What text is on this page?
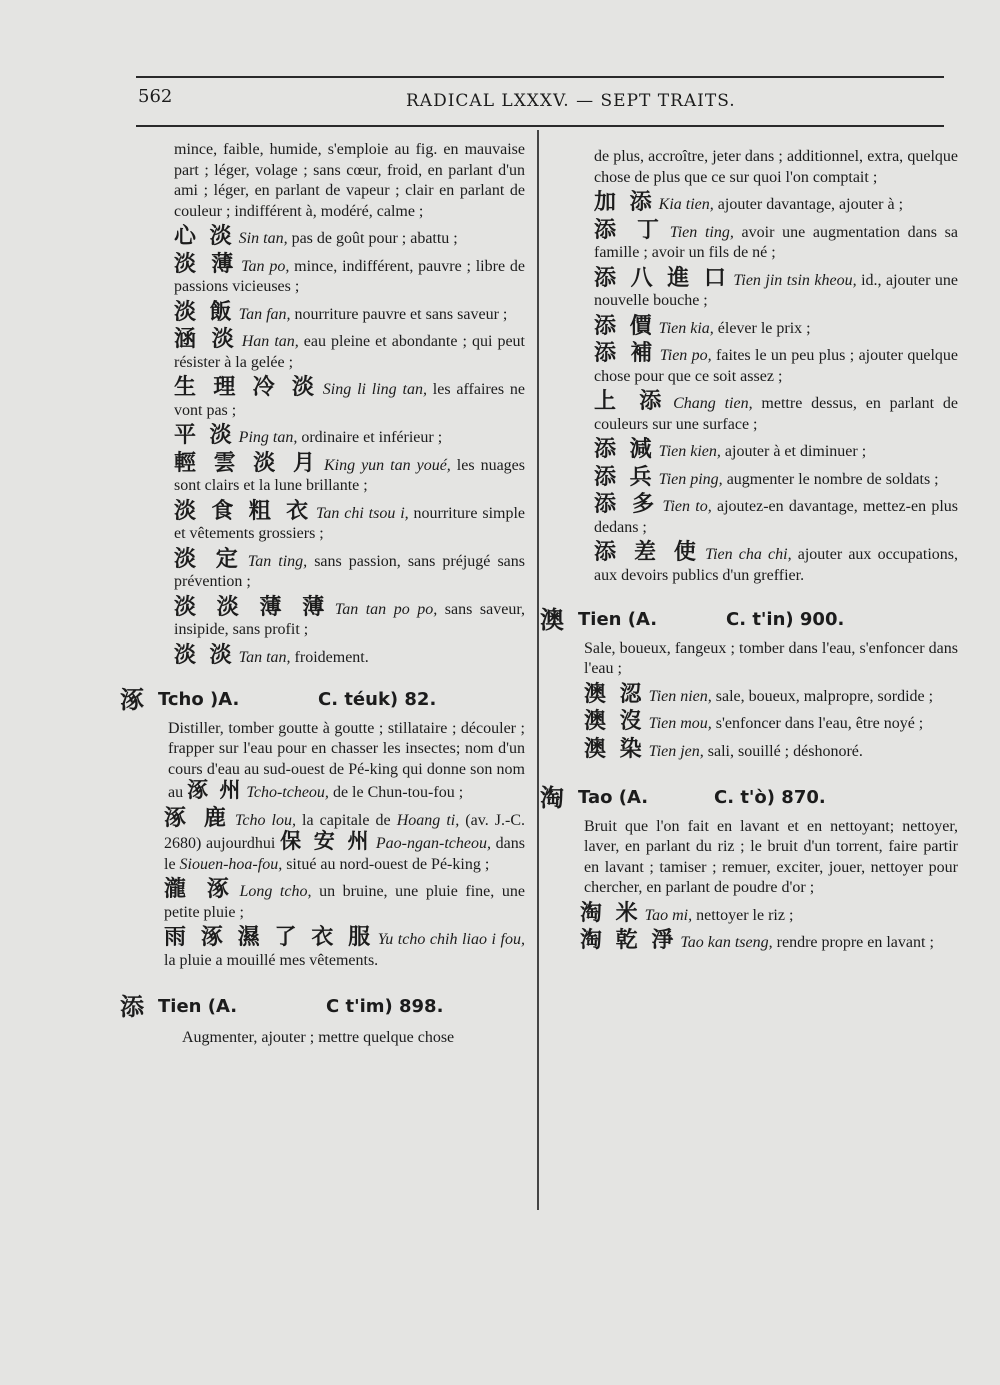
562	RADICAL LXXXV. — SEPT TRAITS.

mince, faible, humide, s'emploie au fig. en mauvaise part ; léger, volage ; sans cœur, froid, en parlant d'un ami ; léger, en parlant de vapeur ; clair en parlant de couleur ; indifférent à, modéré, calme ;

心 淡 Sin tan, pas de goût pour ; abattu ;

淡 薄 Tan po, mince, indifférent, pauvre ; libre de passions vicieuses ;

淡 飯 Tan fan, nourriture pauvre et sans saveur ;

涵 淡 Han tan, eau pleine et abondante ; qui peut résister à la gelée ;

生 理 冷 淡 Sing li ling tan, les affaires ne vont pas ;

平 淡 Ping tan, ordinaire et inférieur ;

輕 雲 淡 月 King yun tan youé, les nuages sont clairs et la lune brillante ;

淡 食 粗 衣 Tan chi tsou i, nourriture simple et vêtements grossiers ;

淡 定 Tan ting, sans passion, sans préjugé sans prévention ;

淡 淡 薄 薄 Tan tan po po, sans saveur, insipide, sans profit ;

淡 淡 Tan tan, froidement.

涿 Tcho )A.	C. téuk) 82.

Distiller, tomber goutte à goutte ; stillataire ; découler ; frapper sur l'eau pour en chasser les insectes; nom d'un cours d'eau au sud-ouest de Pé-king qui donne son nom au 涿 州 Tcho-tcheou, de le Chun-tou-fou ;

涿 鹿 Tcho lou, la capitale de Hoang ti, (av. J.-C. 2680) aujourdhui 保 安 州 Pao-ngan-tcheou, dans le Siouen-hoa-fou, situé au nord-ouest de Pé-king ;

瀧 涿 Long tcho, un bruine, une pluie fine, une petite pluie ;

雨 涿 濕 了 衣 服 Yu tcho chih liao i fou, la pluie a mouillé mes vêtements.

添 Tien (A.	C t'im) 898.

Augmenter, ajouter ; mettre quelque chose

de plus, accroître, jeter dans ; additionnel, extra, quelque chose de plus que ce sur quoi l'on comptait ;

加 添 Kia tien, ajouter davantage, ajouter à ;

添 丁 Tien ting, avoir une augmentation dans sa famille ; avoir un fils de né ;

添 八 進 口 Tien jin tsin kheou, id., ajouter une nouvelle bouche ;

添 價 Tien kia, élever le prix ;

添 補 Tien po, faites le un peu plus ; ajouter quelque chose pour que ce soit assez ;

上 添 Chang tien, mettre dessus, en parlant de couleurs sur une surface ;

添 減 Tien kien, ajouter à et diminuer ;

添 兵 Tien ping, augmenter le nombre de soldats ;

添 多 Tien to, ajoutez-en davantage, mettez-en plus dedans ;

添 差 使 Tien cha chi, ajouter aux occupations, aux devoirs publics d'un greffier.

澳 Tien (A.	C. t'in) 900.

Sale, boueux, fangeux ; tomber dans l'eau, s'enfoncer dans l'eau ;

澳 涊 Tien nien, sale, boueux, malpropre, sordide ;

澳 沒 Tien mou, s'enfoncer dans l'eau, être noyé ;

澳 染 Tien jen, sali, souillé ; déshonoré.

淘 Tao (A.	C. t'ò) 870.

Bruit que l'on fait en lavant et en nettoyant; nettoyer, laver, en parlant du riz ; le bruit d'un torrent, faire partir en lavant ; tamiser ; remuer, exciter, jouer, nettoyer pour chercher, en parlant de poudre d'or ;

淘 米 Tao mi, nettoyer le riz ;

淘 乾 淨 Tao kan tseng, rendre propre en lavant ;
